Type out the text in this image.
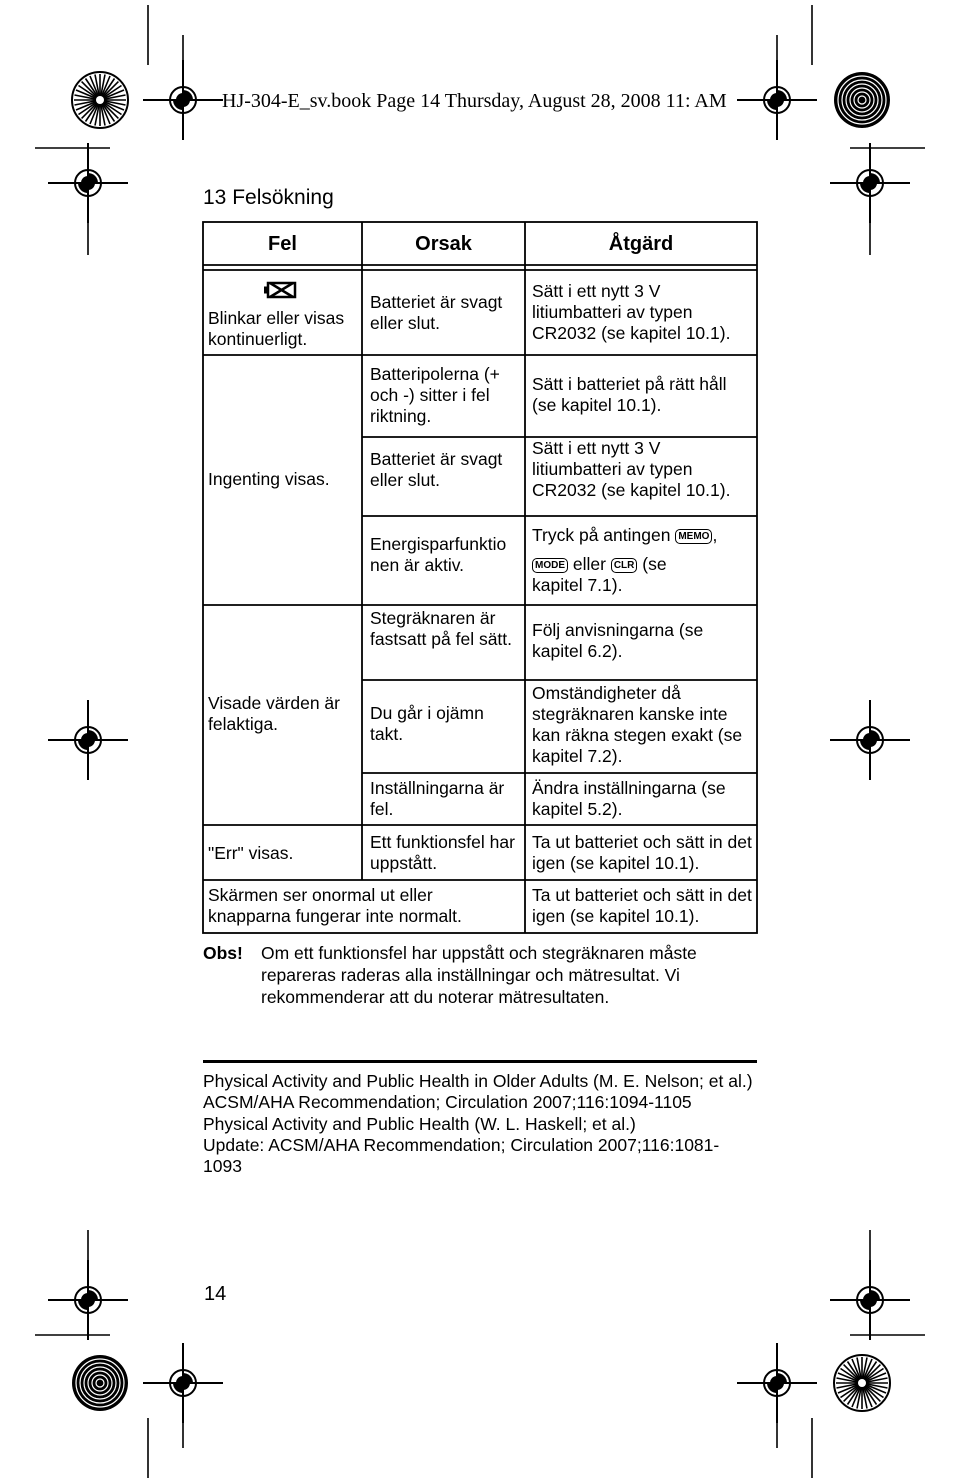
HJ-304-E_sv.book Page 14 Thursday, August 28, 2008 11: AM
13 Felsökning
Fel	Orsak	Åtgärd
Blinkar eller visas kontinuerligt.
Ingenting visas.
Visade värden är felaktiga.
"Err" visas.
Skärmen ser onormal ut eller knapparna fungerar inte normalt.
Batteriet är svagt eller slut.
Batteripolerna (+ och -) sitter i fel riktning.
Batteriet är svagt eller slut.
Energisparfunktio nen är aktiv.
Stegräknaren är fastsatt på fel sätt.
Du går i ojämn takt.
Inställningarna är fel.
Ett funktionsfel har uppstått.
Sätt i ett nytt 3 V litiumbatteri av typen CR2032 (se kapitel 10.1).
Sätt i batteriet på rätt håll (se kapitel 10.1).
Sätt i ett nytt 3 V litiumbatteri av typen CR2032 (se kapitel 10.1).
Tryck på antingen MEMO ,
MODE eller CLR (se
kapitel 7.1).
Följ anvisningarna (se kapitel 6.2).
Omständigheter då stegräknaren kanske inte kan räkna stegen exakt (se kapitel 7.2).
Ändra inställningarna (se kapitel 5.2).
Ta ut batteriet och sätt in det igen (se kapitel 10.1).
Ta ut batteriet och sätt in det igen (se kapitel 10.1).
Obs! Om ett funktionsfel har uppstått och stegräknaren måste repareras raderas alla inställningar och mätresultat. Vi rekommenderar att du noterar mätresultaten.
Physical Activity and Public Health in Older Adults (M. E. Nelson; et al.)
ACSM/AHA Recommendation; Circulation 2007;116:1094-1105
Physical Activity and Public Health (W. L. Haskell; et al.)
Update: ACSM/AHA Recommendation; Circulation 2007;116:1081-1093
14
